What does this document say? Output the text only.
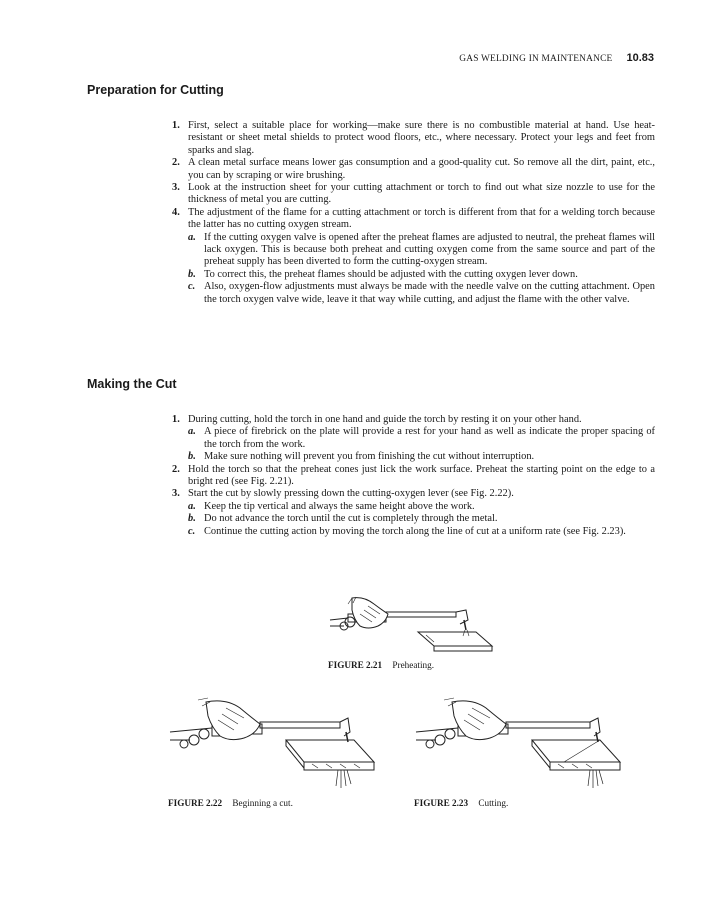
GAS WELDING IN MAINTENANCE 10.83
Preparation for Cutting
1. First, select a suitable place for working—make sure there is no combustible material at hand. Use heat-resistant or sheet metal shields to protect wood floors, etc., where necessary. Protect your legs and feet from sparks and slag.
2. A clean metal surface means lower gas consumption and a good-quality cut. So remove all the dirt, paint, etc., you can by scraping or wire brushing.
3. Look at the instruction sheet for your cutting attachment or torch to find out what size nozzle to use for the thickness of metal you are cutting.
4. The adjustment of the flame for a cutting attachment or torch is different from that for a welding torch because the latter has no cutting oxygen stream.
a. If the cutting oxygen valve is opened after the preheat flames are adjusted to neutral, the preheat flames will lack oxygen. This is because both preheat and cutting oxygen come from the same source and part of the preheat supply has been diverted to form the cutting-oxygen stream.
b. To correct this, the preheat flames should be adjusted with the cutting oxygen lever down.
c. Also, oxygen-flow adjustments must always be made with the needle valve on the cutting attachment. Open the torch oxygen valve wide, leave it that way while cutting, and adjust the flame with the other valve.
Making the Cut
1. During cutting, hold the torch in one hand and guide the torch by resting it on your other hand.
a. A piece of firebrick on the plate will provide a rest for your hand as well as indicate the proper spacing of the torch from the work.
b. Make sure nothing will prevent you from finishing the cut without interruption.
2. Hold the torch so that the preheat cones just lick the work surface. Preheat the starting point on the edge to a bright red (see Fig. 2.21).
3. Start the cut by slowly pressing down the cutting-oxygen lever (see Fig. 2.22).
a. Keep the tip vertical and always the same height above the work.
b. Do not advance the torch until the cut is completely through the metal.
c. Continue the cutting action by moving the torch along the line of cut at a uniform rate (see Fig. 2.23).
FIGURE 2.21 Preheating.
FIGURE 2.22 Beginning a cut.	FIGURE 2.23 Cutting.
